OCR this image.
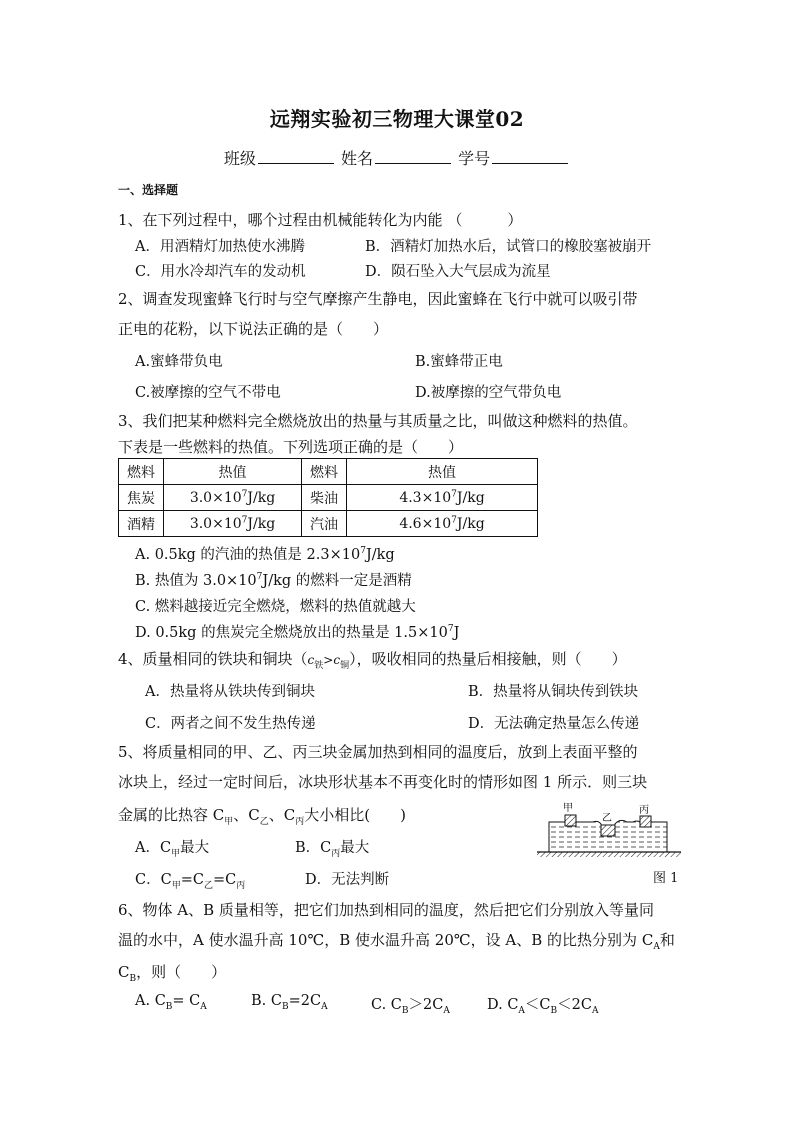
远翔实验初三物理大课堂02
班级	姓名	学号
一、选择题
1、在下列过程中，哪个过程由机械能转化为内能 （　　　）
A．用酒精灯加热使水沸腾	B．酒精灯加热水后，试管口的橡胶塞被崩开
C．用水冷却汽车的发动机	D．陨石坠入大气层成为流星
2、调查发现蜜蜂飞行时与空气摩擦产生静电，因此蜜蜂在飞行中就可以吸引带
正电的花粉，以下说法正确的是（　　）
A.蜜蜂带负电	B.蜜蜂带正电
C.被摩擦的空气不带电	D.被摩擦的空气带负电
3、我们把某种燃料完全燃烧放出的热量与其质量之比，叫做这种燃料的热值。
下表是一些燃料的热值。下列选项正确的是（　　）
燃料	热值	燃料	热值
焦炭	$3.0\times 10^7J/kg$	柴油	$4.3\times 10^7J/kg$
酒精	$3.0\times 10^7J/kg$	汽油	$4.6\times 10^7J/kg$
A. 0.5kg 的汽油的热值是 $2.3\times 10^7J/kg$
B. 热值为 $3.0\times 10^7J/kg$ 的燃料一定是酒精
C. 燃料越接近完全燃烧，燃料的热值就越大
D. 0.5kg 的焦炭完全燃烧放出的热量是 $1.5\times 10^7J$
4、质量相同的铁块和铜块$(c_铁>c_铜)$，吸收相同的热量后相接触，则（　　）
A．热量将从铁块传到铜块	B．热量将从铜块传到铁块
C．两者之间不发生热传递	D．无法确定热量怎么传递
5、将质量相同的甲、乙、丙三块金属加热到相同的温度后，放到上表面平整的
冰块上，经过一定时间后，冰块形状基本不再变化时的情形如图 1 所示．则三块
金属的比热容 $C_甲$、$C_乙$、$C_丙$大小相比(　　)
A．$C_甲$最大	B．$C_丙$最大
C．$C_甲=C_乙=C_丙$	D．无法判断
甲
乙
丙
图 1
6、物体 A、B 质量相等，把它们加热到相同的温度，然后把它们分别放入等量同
温的水中，A 使水温升高 10℃，B 使水温升高 20℃，设 A、B 的比热分别为 $C_A$和
$C_B$，则（　　）
A. $C_B= C_A$	B. $C_B=2C_A$	C. $C_B>2C_A$	D. $C_A<C_B<2C_A$
